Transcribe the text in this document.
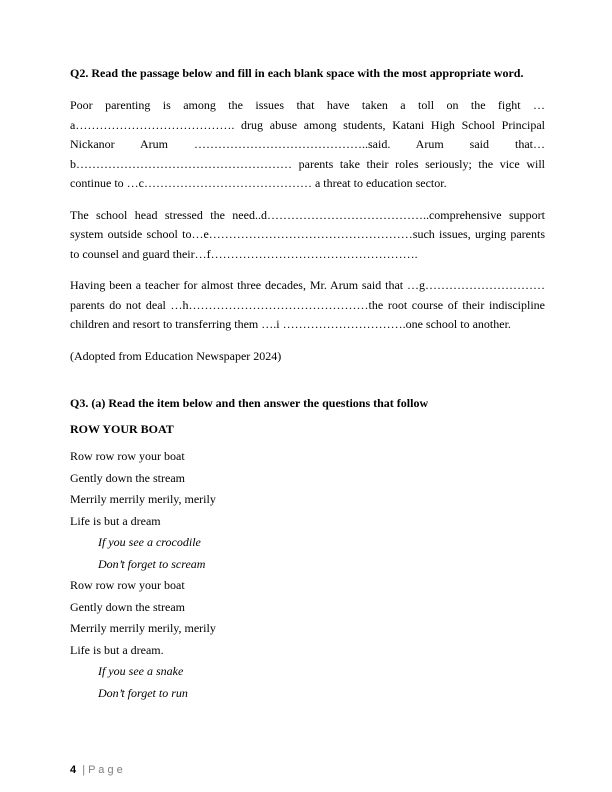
Q2. Read the passage below and fill in each blank space with the most appropriate word.

Poor parenting is among the issues that have taken a toll on the fight …a…………………………………. drug abuse among students, Katani High School Principal Nickanor Arum ……………………………………..said. Arum said that…b……………………………………………… parents take their roles seriously; the vice will continue to …c…………………………………… a threat to education sector.

The school head stressed the need..d…………………………………..comprehensive support system outside school to…e……………………………………………such issues, urging parents to counsel and guard their…f…………………………………………….

Having been a teacher for almost three decades, Mr. Arum said that …g…………………………parents do not deal …h………………………………………the root course of their indiscipline children and resort to transferring them ….i ………………………….one school to another.

(Adopted from Education Newspaper 2024)

Q3. (a) Read the item below and then answer the questions that follow
ROW YOUR BOAT
Row row row your boat
Gently down the stream
Merrily merrily merily, merily
Life is but a dream
If you see a crocodile
Don’t forget to scream
Row row row your boat
Gently down the stream
Merrily merrily merily, merily
Life is but a dream.
If you see a snake
Don’t forget to run
4 | P a g e
